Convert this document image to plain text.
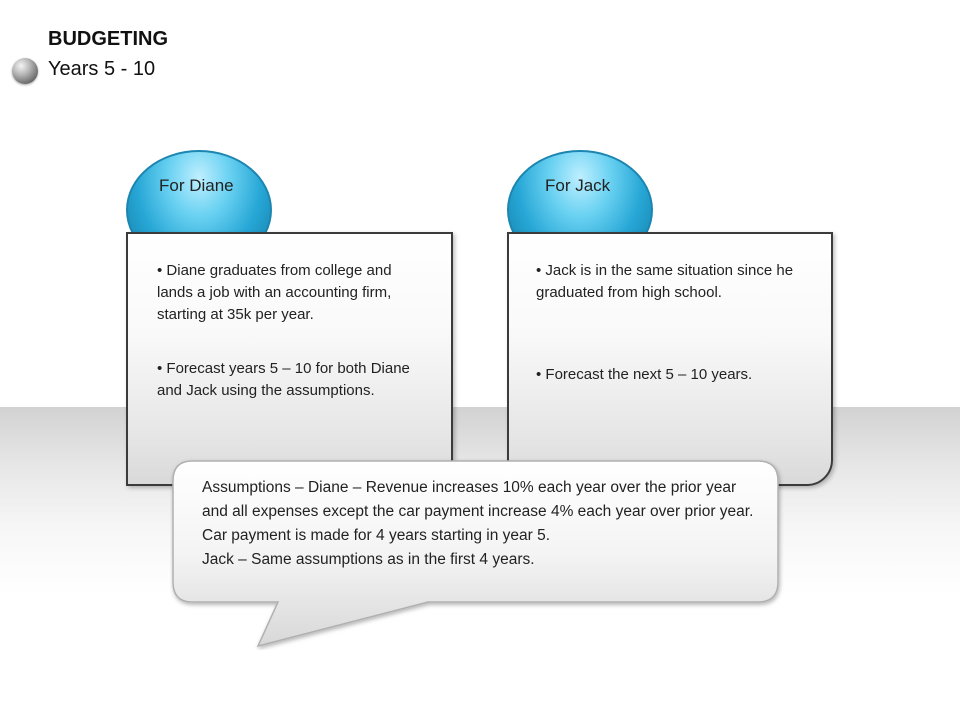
BUDGETING
Years 5 - 10
• Diane graduates from college and lands a job with an accounting firm, starting at 35k per year.
• Forecast years 5 – 10 for both Diane and Jack using the assumptions.
For Diane
• Jack is in the same situation since he graduated from high school.
• Forecast the next 5 – 10 years.
For Jack
Assumptions – Diane – Revenue increases 10% each year over the prior year and all expenses except the car payment increase 4% each year over prior year. Car payment is made for 4 years starting in year 5.
Jack – Same assumptions as in the first 4 years.
